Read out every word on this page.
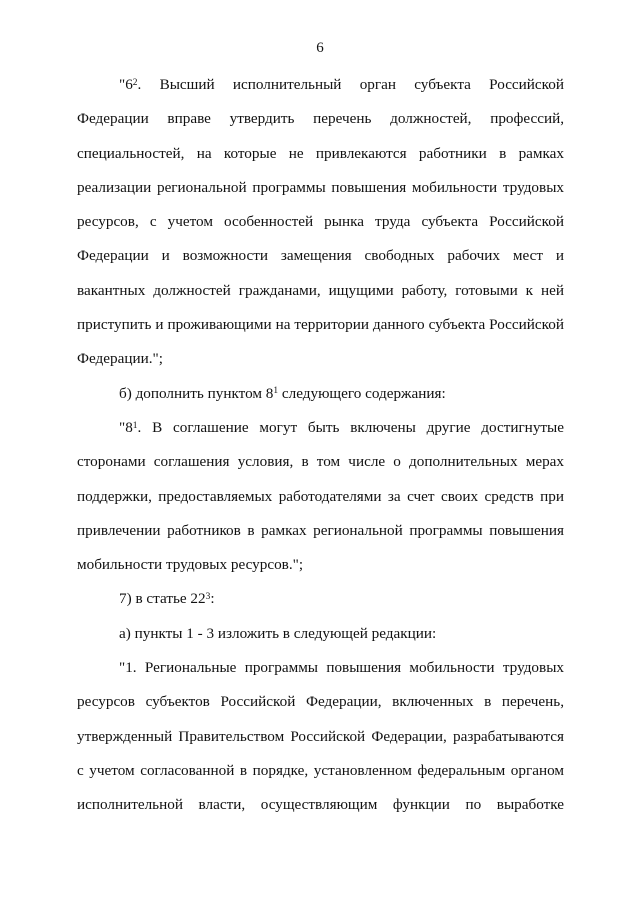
6

"$6^2$. Высший исполнительный орган субъекта Российской Федерации вправе утвердить перечень должностей, профессий, специальностей, на которые не привлекаются работники в рамках реализации региональной программы повышения мобильности трудовых ресурсов, с учетом особенностей рынка труда субъекта Российской Федерации и возможности замещения свободных рабочих мест и вакантных должностей гражданами, ищущими работу, готовыми к ней приступить и проживающими на территории данного субъекта Российской Федерации.";

б) дополнить пунктом $8^1$ следующего содержания:

"$8^1$. В соглашение могут быть включены другие достигнутые сторонами соглашения условия, в том числе о дополнительных мерах поддержки, предоставляемых работодателями за счет своих средств при привлечении работников в рамках региональной программы повышения мобильности трудовых ресурсов.";

7) в статье $22^3$:

а) пункты 1 - 3 изложить в следующей редакции:

"1. Региональные программы повышения мобильности трудовых ресурсов субъектов Российской Федерации, включенных в перечень, утвержденный Правительством Российской Федерации, разрабатываются с учетом согласованной в порядке, установленном федеральным органом исполнительной власти, осуществляющим функции по выработке
